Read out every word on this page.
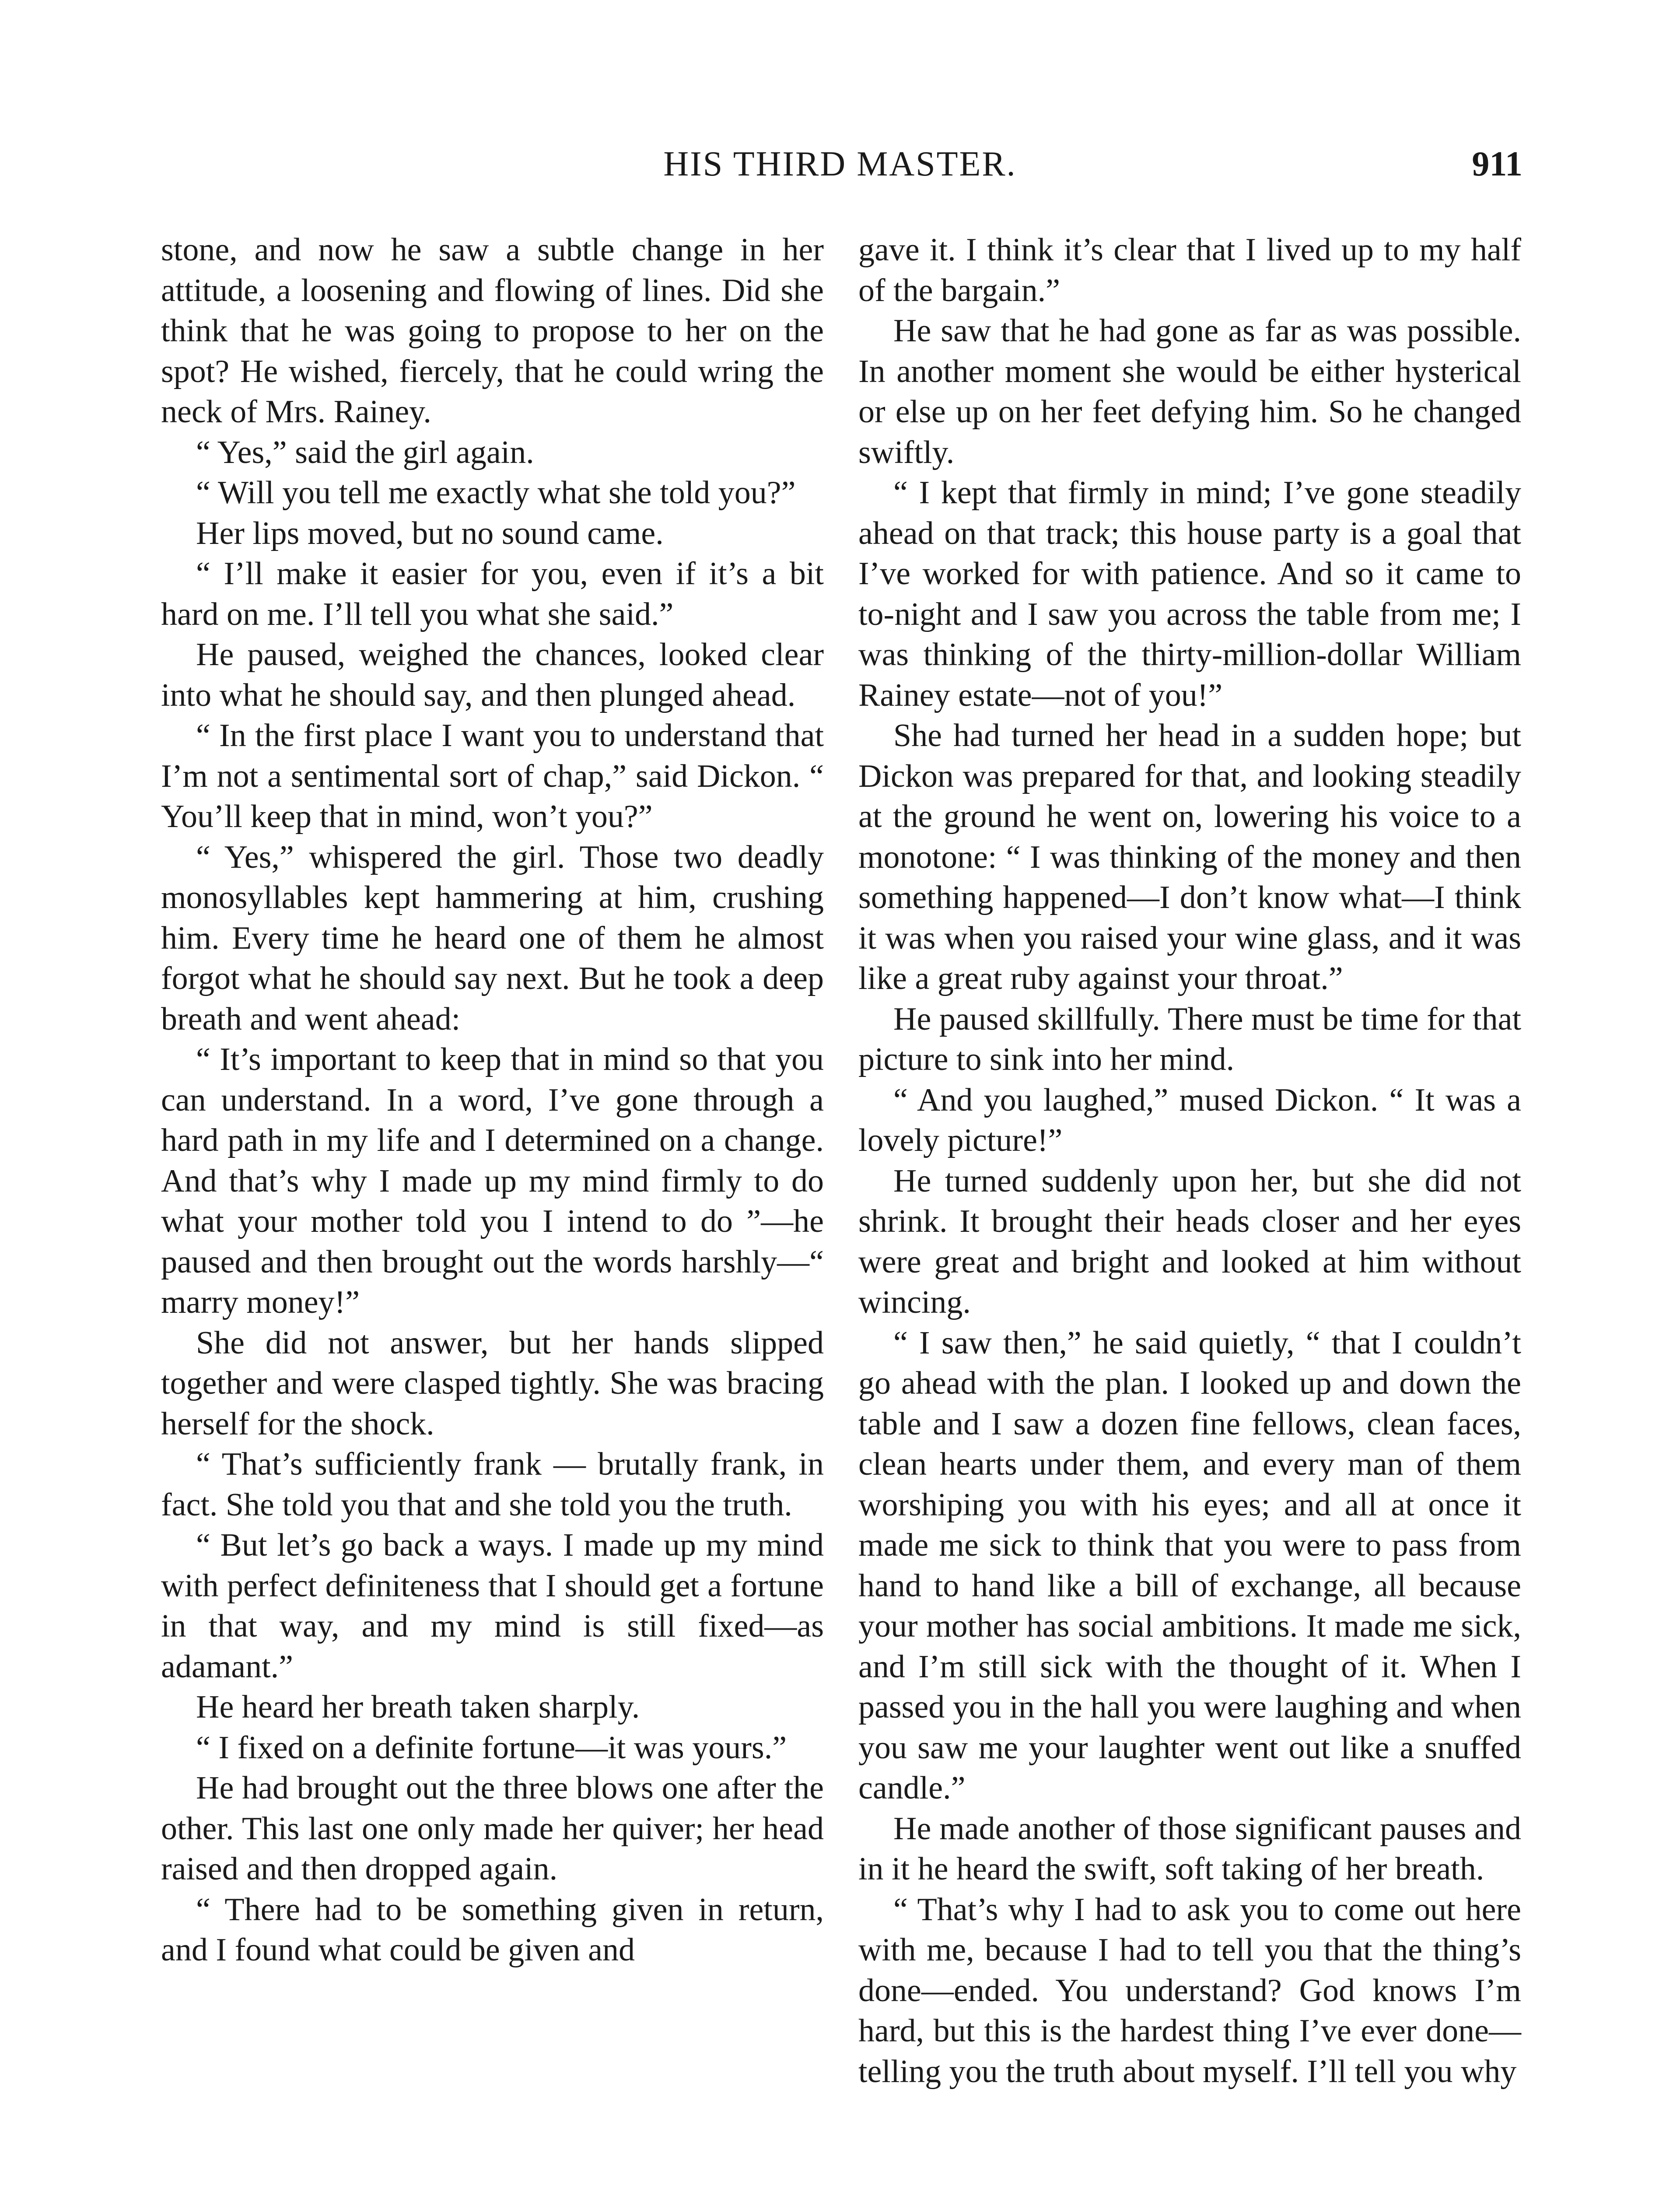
HIS THIRD MASTER.	911

stone, and now he saw a subtle change in her attitude, a loosening and flowing of lines. Did she think that he was going to propose to her on the spot? He wished, fiercely, that he could wring the neck of Mrs. Rainey.

“ Yes,” said the girl again.

“ Will you tell me exactly what she told you?”

Her lips moved, but no sound came.

“ I’ll make it easier for you, even if it’s a bit hard on me. I’ll tell you what she said.”

He paused, weighed the chances, looked clear into what he should say, and then plunged ahead.

“ In the first place I want you to understand that I’m not a sentimental sort of chap,” said Dickon. “ You’ll keep that in mind, won’t you?”

“ Yes,” whispered the girl. Those two deadly monosyllables kept hammering at him, crushing him. Every time he heard one of them he almost forgot what he should say next. But he took a deep breath and went ahead:

“ It’s important to keep that in mind so that you can understand. In a word, I’ve gone through a hard path in my life and I determined on a change. And that’s why I made up my mind firmly to do what your mother told you I intend to do ”—he paused and then brought out the words harshly—“ marry money!”

She did not answer, but her hands slipped together and were clasped tightly. She was bracing herself for the shock.

“ That’s sufficiently frank — brutally frank, in fact. She told you that and she told you the truth.

“ But let’s go back a ways. I made up my mind with perfect definiteness that I should get a fortune in that way, and my mind is still fixed—as adamant.”

He heard her breath taken sharply.

“ I fixed on a definite fortune—it was yours.”

He had brought out the three blows one after the other. This last one only made her quiver; her head raised and then dropped again.

“ There had to be something given in return, and I found what could be given and

gave it. I think it’s clear that I lived up to my half of the bargain.”

He saw that he had gone as far as was possible. In another moment she would be either hysterical or else up on her feet defying him. So he changed swiftly.

“ I kept that firmly in mind; I’ve gone steadily ahead on that track; this house party is a goal that I’ve worked for with patience. And so it came to to-night and I saw you across the table from me; I was thinking of the thirty-million-dollar William Rainey estate—not of you!”

She had turned her head in a sudden hope; but Dickon was prepared for that, and looking steadily at the ground he went on, lowering his voice to a monotone: “ I was thinking of the money and then something happened—I don’t know what—I think it was when you raised your wine glass, and it was like a great ruby against your throat.”

He paused skillfully. There must be time for that picture to sink into her mind.

“ And you laughed,” mused Dickon. “ It was a lovely picture!”

He turned suddenly upon her, but she did not shrink. It brought their heads closer and her eyes were great and bright and looked at him without wincing.

“ I saw then,” he said quietly, “ that I couldn’t go ahead with the plan. I looked up and down the table and I saw a dozen fine fellows, clean faces, clean hearts under them, and every man of them worshiping you with his eyes; and all at once it made me sick to think that you were to pass from hand to hand like a bill of exchange, all because your mother has social ambitions. It made me sick, and I’m still sick with the thought of it. When I passed you in the hall you were laughing and when you saw me your laughter went out like a snuffed candle.”

He made another of those significant pauses and in it he heard the swift, soft taking of her breath.

“ That’s why I had to ask you to come out here with me, because I had to tell you that the thing’s done—ended. You understand? God knows I’m hard, but this is the hardest thing I’ve ever done—telling you the truth about myself. I’ll tell you why
